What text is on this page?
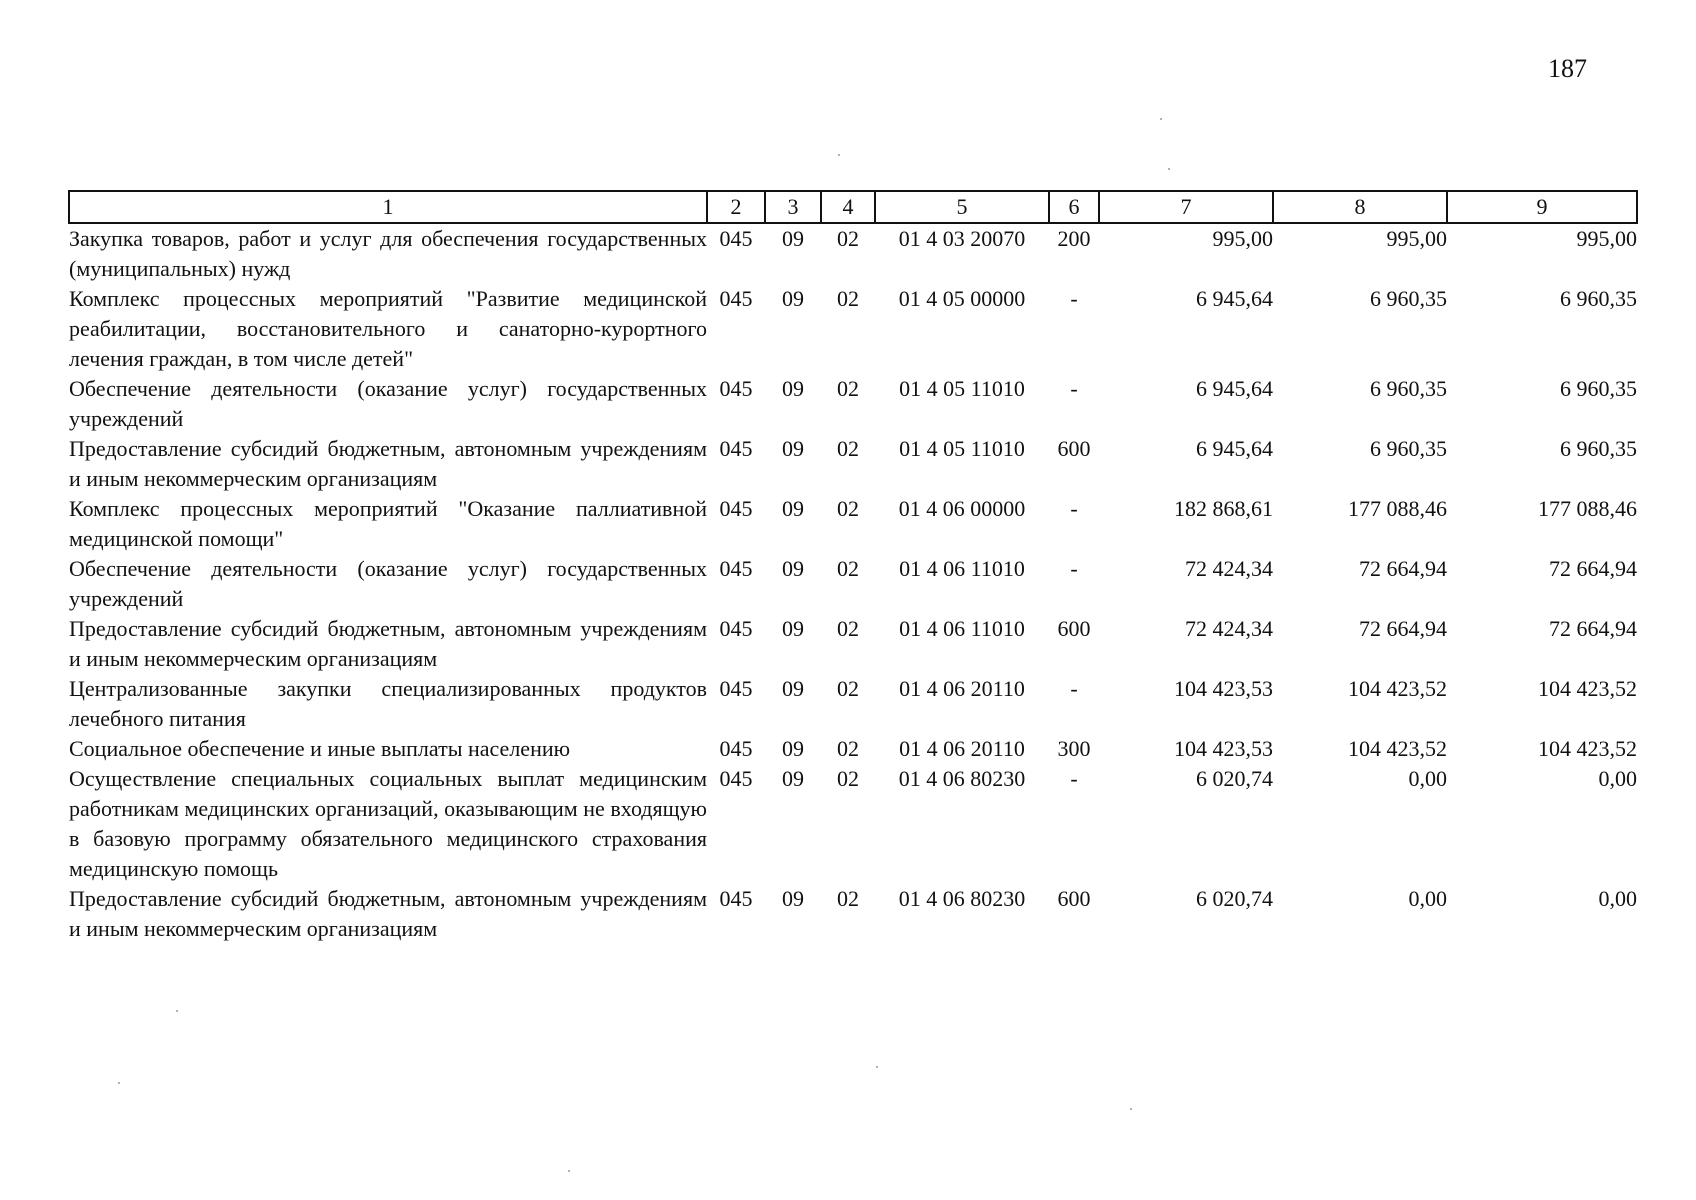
187
1	2	3	4	5	6	7	8	9
Закупка товаров, работ и услуг для обеспечения государственных (муниципальных) нужд	045	09	02	01 4 03 20070	200	995,00	995,00	995,00
Комплекс процессных мероприятий "Развитие медицинской реабилитации, восстановительного и санаторно-курортного лечения граждан, в том числе детей"	045	09	02	01 4 05 00000	-	6 945,64	6 960,35	6 960,35
Обеспечение деятельности (оказание услуг) государственных учреждений	045	09	02	01 4 05 11010	-	6 945,64	6 960,35	6 960,35
Предоставление субсидий бюджетным, автономным учреждениям и иным некоммерческим организациям	045	09	02	01 4 05 11010	600	6 945,64	6 960,35	6 960,35
Комплекс процессных мероприятий "Оказание паллиативной медицинской помощи"	045	09	02	01 4 06 00000	-	182 868,61	177 088,46	177 088,46
Обеспечение деятельности (оказание услуг) государственных учреждений	045	09	02	01 4 06 11010	-	72 424,34	72 664,94	72 664,94
Предоставление субсидий бюджетным, автономным учреждениям и иным некоммерческим организациям	045	09	02	01 4 06 11010	600	72 424,34	72 664,94	72 664,94
Централизованные закупки специализированных продуктов лечебного питания	045	09	02	01 4 06 20110	-	104 423,53	104 423,52	104 423,52
Социальное обеспечение и иные выплаты населению	045	09	02	01 4 06 20110	300	104 423,53	104 423,52	104 423,52
Осуществление специальных социальных выплат медицинским работникам медицинских организаций, оказывающим не входящую в базовую программу обязательного медицинского страхования медицинскую помощь	045	09	02	01 4 06 80230	-	6 020,74	0,00	0,00
Предоставление субсидий бюджетным, автономным учреждениям и иным некоммерческим организациям	045	09	02	01 4 06 80230	600	6 020,74	0,00	0,00
